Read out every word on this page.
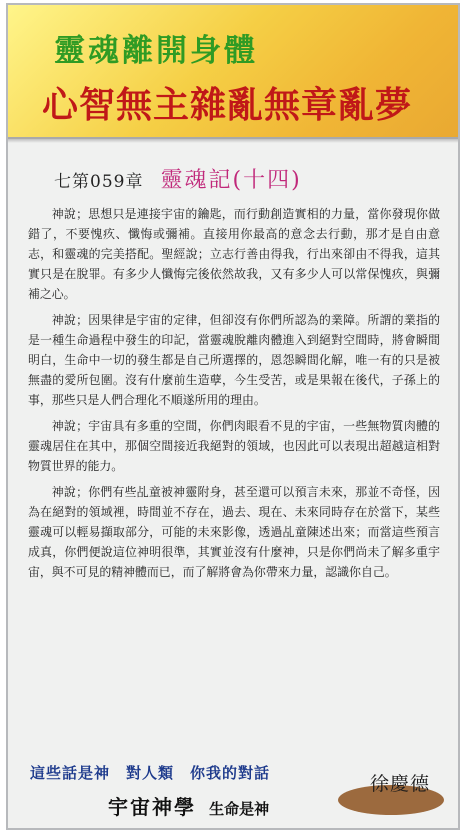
靈魂離開身體
心智無主雜亂無章亂夢
七第059章 靈魂記(十四)

神說；思想只是連接宇宙的鑰匙，而行動創造實相的力量，當你發現你做錯了，不要愧疚、懺悔或彌補。直接用你最高的意念去行動，那才是自由意志，和靈魂的完美搭配。聖經說；立志行善由得我，行出來卻由不得我，這其實只是在脫罪。有多少人懺悔完後依然故我，又有多少人可以常保愧疚，與彌補之心。

神說；因果律是宇宙的定律，但卻沒有你們所認為的業障。所謂的業指的是一種生命過程中發生的印記，當靈魂脫離肉體進入到絕對空間時，將會瞬間明白，生命中一切的發生都是自己所選擇的，恩怨瞬間化解，唯一有的只是被無盡的愛所包圍。沒有什麼前生造孽，今生受苦，或是果報在後代，子孫上的事，那些只是人們合理化不順遂所用的理由。

神說；宇宙具有多重的空間，你們肉眼看不見的宇宙，一些無物質肉體的靈魂居住在其中，那個空間接近我絕對的領域，也因此可以表現出超越這相對物質世界的能力。

神說；你們有些乩童被神靈附身，甚至還可以預言未來，那並不奇怪，因為在絕對的領域裡，時間並不存在，過去、現在、未來同時存在於當下，某些靈魂可以輕易擷取部分，可能的未來影像，透過乩童陳述出來；而當這些預言成真，你們便說這位神明很準，其實並沒有什麼神，只是你們尚未了解多重宇宙，與不可見的精神體而已，而了解將會為你帶來力量，認識你自己。

這些話是神　對人類　你我的對話
宇宙神學 生命是神
徐慶德
